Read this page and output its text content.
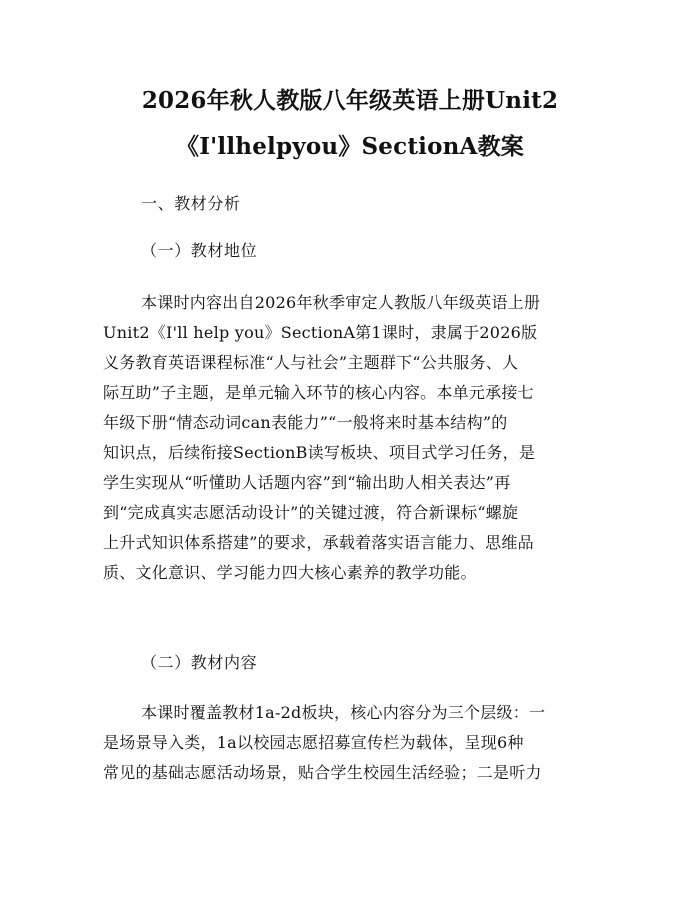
2026年秋人教版八年级英语上册Unit2
《I'llhelpyou》SectionA教案
一、教材分析
（一）教材地位
本课时内容出自2026年秋季审定人教版八年级英语上册
Unit2《I'll help you》SectionA第1课时，隶属于2026版
义务教育英语课程标准“人与社会”主题群下“公共服务、人
际互助”子主题，是单元输入环节的核心内容。本单元承接七
年级下册“情态动词can表能力”“一般将来时基本结构”的
知识点，后续衔接SectionB读写板块、项目式学习任务，是
学生实现从“听懂助人话题内容”到“输出助人相关表达”再
到“完成真实志愿活动设计”的关键过渡，符合新课标“螺旋
上升式知识体系搭建”的要求，承载着落实语言能力、思维品
质、文化意识、学习能力四大核心素养的教学功能。
（二）教材内容
本课时覆盖教材1a-2d板块，核心内容分为三个层级：一
是场景导入类，1a以校园志愿招募宣传栏为载体，呈现6种
常见的基础志愿活动场景，贴合学生校园生活经验；二是听力
